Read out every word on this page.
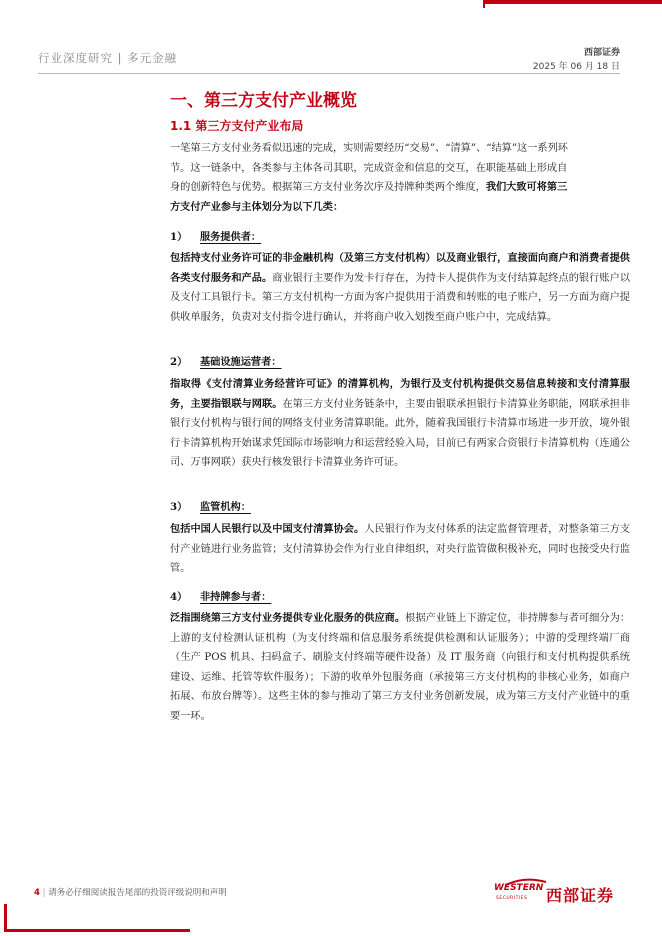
行业深度研究 | 多元金融	西部证券
2025 年 06 月 18 日
一、第三方支付产业概览
1.1 第三方支付产业布局
一笔第三方支付业务看似迅速的完成，实则需要经历“交易”、“清算”、“结算”这一系列环
节。这一链条中，各类参与主体各司其职，完成资金和信息的交互，在职能基础上形成自
身的创新特色与优势。根据第三方支付业务次序及持牌种类两个维度，我们大致可将第三
方支付产业参与主体划分为以下几类：
1） 服务提供者：
包括持支付业务许可证的非金融机构（及第三方支付机构）以及商业银行，直接面向商户和消费者提供各类支付服务和产品。商业银行主要作为发卡行存在，为持卡人提供作为支付结算起终点的银行账户以及支付工具银行卡。第三方支付机构一方面为客户提供用于消费和转账的电子账户，另一方面为商户提供收单服务，负责对支付指令进行确认，并将商户收入划拨至商户账户中，完成结算。
2） 基础设施运营者：
指取得《支付清算业务经营许可证》的清算机构，为银行及支付机构提供交易信息转接和支付清算服务，主要指银联与网联。在第三方支付业务链条中，主要由银联承担银行卡清算业务职能，网联承担非银行支付机构与银行间的网络支付业务清算职能。此外，随着我国银行卡清算市场进一步开放，境外银行卡清算机构开始谋求凭国际市场影响力和运营经验入局，目前已有两家合资银行卡清算机构（连通公司、万事网联）获央行核发银行卡清算业务许可证。
3） 监管机构：
包括中国人民银行以及中国支付清算协会。人民银行作为支付体系的法定监督管理者，对整条第三方支付产业链进行业务监管；支付清算协会作为行业自律组织，对央行监管做积极补充，同时也接受央行监管。
4） 非持牌参与者：
泛指围绕第三方支付业务提供专业化服务的供应商。根据产业链上下游定位，非持牌参与者可细分为：上游的支付检测认证机构（为支付终端和信息服务系统提供检测和认证服务）；中游的受理终端厂商（生产 POS 机具、扫码盒子、刷脸支付终端等硬件设备）及 IT 服务商（向银行和支付机构提供系统建设、运维、托管等软件服务）；下游的收单外包服务商（承接第三方支付机构的非核心业务，如商户拓展、布放台牌等）。这些主体的参与推动了第三方支付业务创新发展，成为第三方支付产业链中的重要一环。
4 | 请务必仔细阅读报告尾部的投资评级说明和声明	WESTERN
SECURITIES 西部证券
